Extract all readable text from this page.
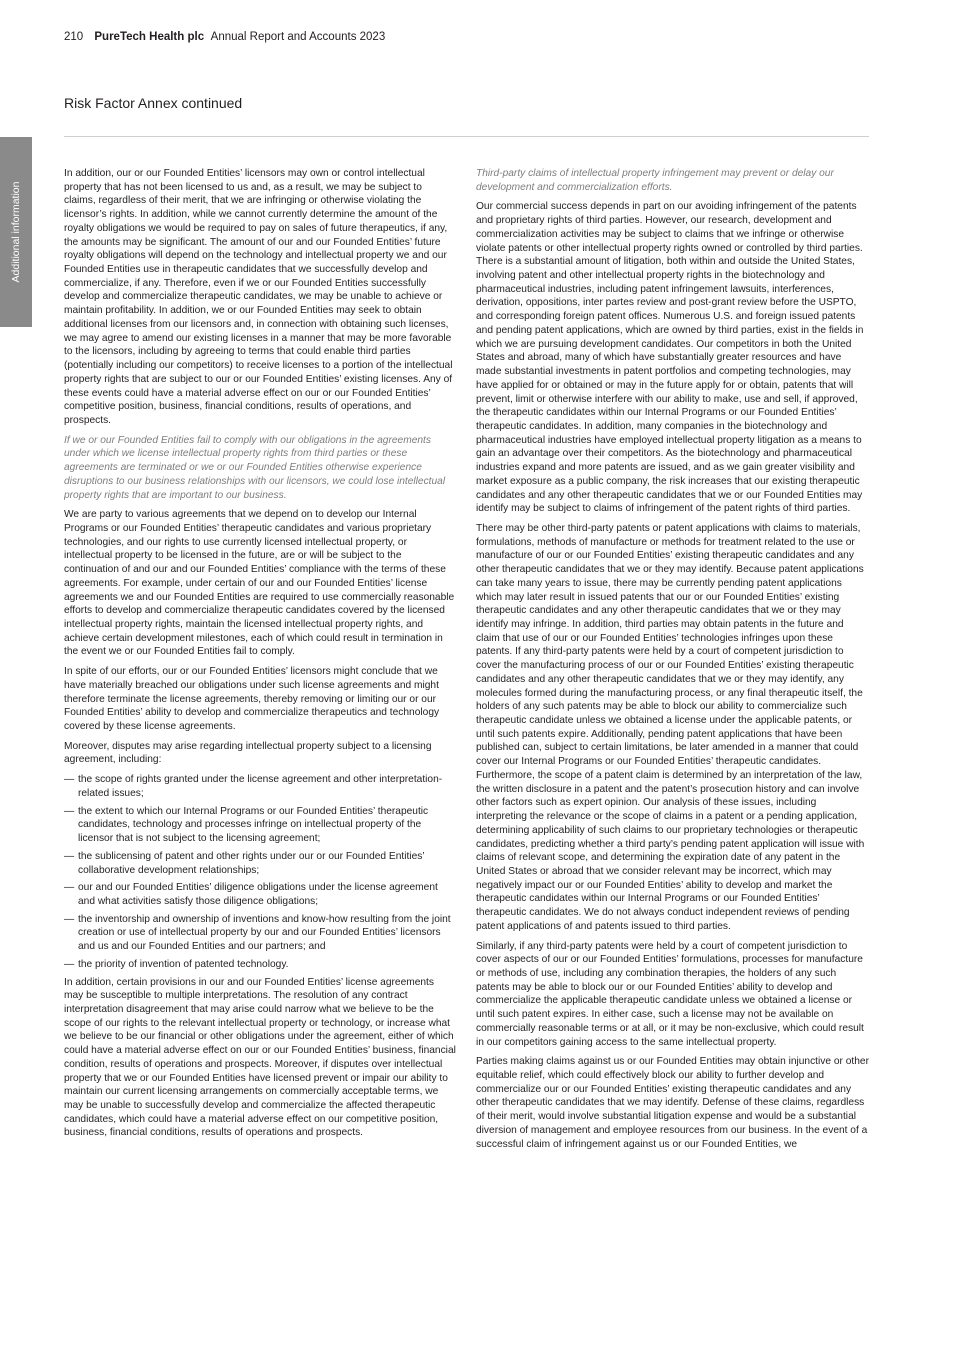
210 PureTech Health plc Annual Report and Accounts 2023
Risk Factor Annex continued
Additional information

In addition, our or our Founded Entities’ licensors may own or control intellectual property that has not been licensed to us and, as a result, we may be subject to claims, regardless of their merit, that we are infringing or otherwise violating the licensor’s rights. In addition, while we cannot currently determine the amount of the royalty obligations we would be required to pay on sales of future therapeutics, if any, the amounts may be significant. The amount of our and our Founded Entities’ future royalty obligations will depend on the technology and intellectual property we and our Founded Entities use in therapeutic candidates that we successfully develop and commercialize, if any. Therefore, even if we or our Founded Entities successfully develop and commercialize therapeutic candidates, we may be unable to achieve or maintain profitability. In addition, we or our Founded Entities may seek to obtain additional licenses from our licensors and, in connection with obtaining such licenses, we may agree to amend our existing licenses in a manner that may be more favorable to the licensors, including by agreeing to terms that could enable third parties (potentially including our competitors) to receive licenses to a portion of the intellectual property rights that are subject to our or our Founded Entities’ existing licenses. Any of these events could have a material adverse effect on our or our Founded Entities’ competitive position, business, financial conditions, results of operations, and prospects.

If we or our Founded Entities fail to comply with our obligations in the agreements under which we license intellectual property rights from third parties or these agreements are terminated or we or our Founded Entities otherwise experience disruptions to our business relationships with our licensors, we could lose intellectual property rights that are important to our business.

We are party to various agreements that we depend on to develop our Internal Programs or our Founded Entities’ therapeutic candidates and various proprietary technologies, and our rights to use currently licensed intellectual property, or intellectual property to be licensed in the future, are or will be subject to the continuation of and our and our Founded Entities’ compliance with the terms of these agreements. For example, under certain of our and our Founded Entities’ license agreements we and our Founded Entities are required to use commercially reasonable efforts to develop and commercialize therapeutic candidates covered by the licensed intellectual property rights, maintain the licensed intellectual property rights, and achieve certain development milestones, each of which could result in termination in the event we or our Founded Entities fail to comply.

In spite of our efforts, our or our Founded Entities’ licensors might conclude that we have materially breached our obligations under such license agreements and might therefore terminate the license agreements, thereby removing or limiting our or our Founded Entities’ ability to develop and commercialize therapeutics and technology covered by these license agreements.

Moreover, disputes may arise regarding intellectual property subject to a licensing agreement, including:

— the scope of rights granted under the license agreement and other interpretation-related issues;
— the extent to which our Internal Programs or our Founded Entities’ therapeutic candidates, technology and processes infringe on intellectual property of the licensor that is not subject to the licensing agreement;
— the sublicensing of patent and other rights under our or our Founded Entities’ collaborative development relationships;
— our and our Founded Entities’ diligence obligations under the license agreement and what activities satisfy those diligence obligations;
— the inventorship and ownership of inventions and know-how resulting from the joint creation or use of intellectual property by our and our Founded Entities’ licensors and us and our Founded Entities and our partners; and
— the priority of invention of patented technology.

In addition, certain provisions in our and our Founded Entities’ license agreements may be susceptible to multiple interpretations. The resolution of any contract interpretation disagreement that may arise could narrow what we believe to be the scope of our rights to the relevant intellectual property or technology, or increase what we believe to be our financial or other obligations under the agreement, either of which could have a material adverse effect on our or our Founded Entities’ business, financial condition, results of operations and prospects. Moreover, if disputes over intellectual property that we or our Founded Entities have licensed prevent or impair our ability to maintain our current licensing arrangements on commercially acceptable terms, we may be unable to successfully develop and commercialize the affected therapeutic candidates, which could have a material adverse effect on our competitive position, business, financial conditions, results of operations and prospects.

Third-party claims of intellectual property infringement may prevent or delay our development and commercialization efforts.

Our commercial success depends in part on our avoiding infringement of the patents and proprietary rights of third parties. However, our research, development and commercialization activities may be subject to claims that we infringe or otherwise violate patents or other intellectual property rights owned or controlled by third parties. There is a substantial amount of litigation, both within and outside the United States, involving patent and other intellectual property rights in the biotechnology and pharmaceutical industries, including patent infringement lawsuits, interferences, derivation, oppositions, inter partes review and post-grant review before the USPTO, and corresponding foreign patent offices. Numerous U.S. and foreign issued patents and pending patent applications, which are owned by third parties, exist in the fields in which we are pursuing development candidates. Our competitors in both the United States and abroad, many of which have substantially greater resources and have made substantial investments in patent portfolios and competing technologies, may have applied for or obtained or may in the future apply for or obtain, patents that will prevent, limit or otherwise interfere with our ability to make, use and sell, if approved, the therapeutic candidates within our Internal Programs or our Founded Entities’ therapeutic candidates. In addition, many companies in the biotechnology and pharmaceutical industries have employed intellectual property litigation as a means to gain an advantage over their competitors. As the biotechnology and pharmaceutical industries expand and more patents are issued, and as we gain greater visibility and market exposure as a public company, the risk increases that our existing therapeutic candidates and any other therapeutic candidates that we or our Founded Entities may identify may be subject to claims of infringement of the patent rights of third parties.

There may be other third-party patents or patent applications with claims to materials, formulations, methods of manufacture or methods for treatment related to the use or manufacture of our or our Founded Entities’ existing therapeutic candidates and any other therapeutic candidates that we or they may identify. Because patent applications can take many years to issue, there may be currently pending patent applications which may later result in issued patents that our or our Founded Entities’ existing therapeutic candidates and any other therapeutic candidates that we or they may identify may infringe. In addition, third parties may obtain patents in the future and claim that use of our or our Founded Entities’ technologies infringes upon these patents. If any third-party patents were held by a court of competent jurisdiction to cover the manufacturing process of our or our Founded Entities’ existing therapeutic candidates and any other therapeutic candidates that we or they may identify, any molecules formed during the manufacturing process, or any final therapeutic itself, the holders of any such patents may be able to block our ability to commercialize such therapeutic candidate unless we obtained a license under the applicable patents, or until such patents expire. Additionally, pending patent applications that have been published can, subject to certain limitations, be later amended in a manner that could cover our Internal Programs or our Founded Entities’ therapeutic candidates. Furthermore, the scope of a patent claim is determined by an interpretation of the law, the written disclosure in a patent and the patent’s prosecution history and can involve other factors such as expert opinion. Our analysis of these issues, including interpreting the relevance or the scope of claims in a patent or a pending application, determining applicability of such claims to our proprietary technologies or therapeutic candidates, predicting whether a third party’s pending patent application will issue with claims of relevant scope, and determining the expiration date of any patent in the United States or abroad that we consider relevant may be incorrect, which may negatively impact our or our Founded Entities’ ability to develop and market the therapeutic candidates within our Internal Programs or our Founded Entities’ therapeutic candidates. We do not always conduct independent reviews of pending patent applications of and patents issued to third parties.

Similarly, if any third-party patents were held by a court of competent jurisdiction to cover aspects of our or our Founded Entities’ formulations, processes for manufacture or methods of use, including any combination therapies, the holders of any such patents may be able to block our or our Founded Entities’ ability to develop and commercialize the applicable therapeutic candidate unless we obtained a license or until such patent expires. In either case, such a license may not be available on commercially reasonable terms or at all, or it may be non-exclusive, which could result in our competitors gaining access to the same intellectual property.

Parties making claims against us or our Founded Entities may obtain injunctive or other equitable relief, which could effectively block our ability to further develop and commercialize our or our Founded Entities’ existing therapeutic candidates and any other therapeutic candidates that we may identify. Defense of these claims, regardless of their merit, would involve substantial litigation expense and would be a substantial diversion of management and employee resources from our business. In the event of a successful claim of infringement against us or our Founded Entities, we
